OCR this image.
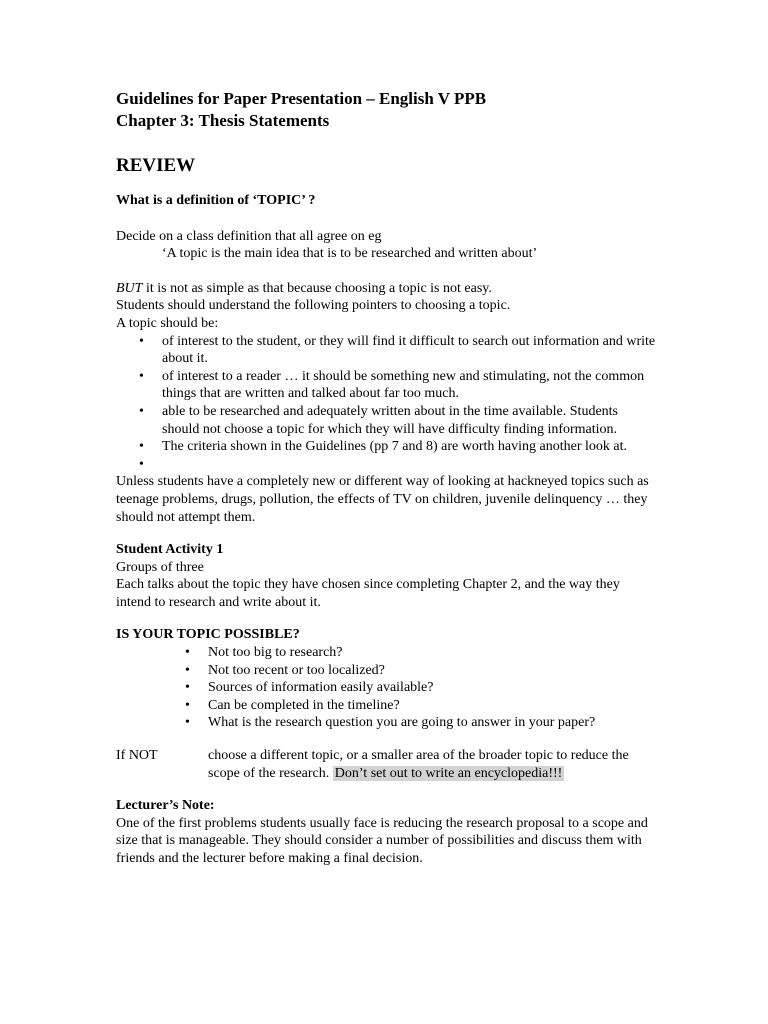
Guidelines for Paper Presentation – English V PPB

Chapter 3: Thesis Statements

REVIEW

What is a definition of ‘TOPIC’ ?

Decide on a class definition that all agree on eg

‘A topic is the main idea that is to be researched and written about’

BUT it is not as simple as that because choosing a topic is not easy.

Students should understand the following pointers to choosing a topic.

A topic should be:

• of interest to the student, or they will find it difficult to search out information and write about it.
• of interest to a reader … it should be something new and stimulating, not the common things that are written and talked about far too much.
• able to be researched and adequately written about in the time available. Students should not choose a topic for which they will have difficulty finding information.
• The criteria shown in the Guidelines (pp 7 and 8) are worth having another look at.
•

Unless students have a completely new or different way of looking at hackneyed topics such as teenage problems, drugs, pollution, the effects of TV on children, juvenile delinquency … they should not attempt them.

Student Activity 1

Groups of three

Each talks about the topic they have chosen since completing Chapter 2, and the way they intend to research and write about it.

IS YOUR TOPIC POSSIBLE?

• Not too big to research?
• Not too recent or too localized?
• Sources of information easily available?
• Can be completed in the timeline?
• What is the research question you are going to answer in your paper?
If NOT	choose a different topic, or a smaller area of the broader topic to reduce the scope of the research. Don’t set out to write an encyclopedia!!!

Lecturer’s Note:

One of the first problems students usually face is reducing the research proposal to a scope and size that is manageable. They should consider a number of possibilities and discuss them with friends and the lecturer before making a final decision.
